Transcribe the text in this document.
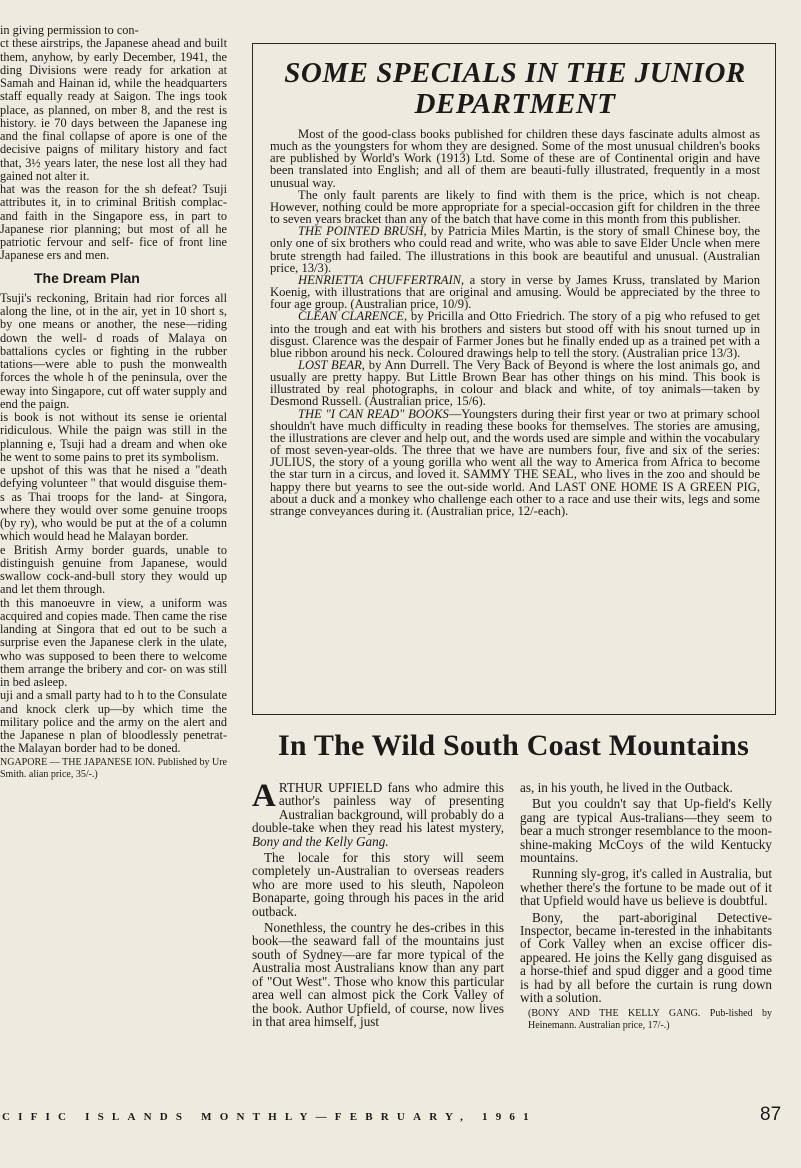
in giving permission to con-

ct these airstrips, the Japanese ahead and built them, anyhow, by early December, 1941, the ding Divisions were ready for arkation at Samah and Hainan id, while the headquarters staff equally ready at Saigon. The ings took place, as planned, on mber 8, and the rest is history. ie 70 days between the Japanese ing and the final collapse of apore is one of the decisive paigns of military history and fact that, 3½ years later, the nese lost all they had gained not alter it.

hat was the reason for the sh defeat? Tsuji attributes it, in to criminal British complac- and faith in the Singapore ess, in part to Japanese rior planning; but most of all he patriotic fervour and self- fice of front line Japanese ers and men.

The Dream Plan

Tsuji's reckoning, Britain had rior forces all along the line, ot in the air, yet in 10 short s, by one means or another, the nese—riding down the well- d roads of Malaya on battalions cycles or fighting in the rubber tations—were able to push the monwealth forces the whole h of the peninsula, over the eway into Singapore, cut off water supply and end the paign.

is book is not without its sense ie oriental ridiculous. While the paign was still in the planning e, Tsuji had a dream and when oke he went to some pains to pret its symbolism.

e upshot of this was that he nised a "death defying volunteer " that would disguise them- s as Thai troops for the land- at Singora, where they would over some genuine troops (by ry), who would be put at the of a column which would head he Malayan border.

e British Army border guards, unable to distinguish genuine from Japanese, would swallow cock-and-bull story they would up and let them through.

th this manoeuvre in view, a uniform was acquired and copies made. Then came the rise landing at Singora that ed out to be such a surprise even the Japanese clerk in the ulate, who was supposed to been there to welcome them arrange the bribery and cor- on was still in bed asleep.

uji and a small party had to h to the Consulate and knock clerk up—by which time the military police and the army on the alert and the Japanese n plan of bloodlessly penetrat- the Malayan border had to be doned.

NGAPORE — THE JAPANESE ION. Published by Ure Smith. alian price, 35/-.)

SOME SPECIALS IN THE JUNIOR DEPARTMENT

Most of the good-class books published for children these days fascinate adults almost as much as the youngsters for whom they are designed. Some of the most unusual children's books are published by World's Work (1913) Ltd. Some of these are of Continental origin and have been translated into English; and all of them are beauti-fully illustrated, frequently in a most unusual way.

The only fault parents are likely to find with them is the price, which is not cheap. However, nothing could be more appropriate for a special-occasion gift for children in the three to seven years bracket than any of the batch that have come in this month from this publisher.

THE POINTED BRUSH, by Patricia Miles Martin, is the story of small Chinese boy, the only one of six brothers who could read and write, who was able to save Elder Uncle when mere brute strength had failed. The illustrations in this book are beautiful and unusual. (Australian price, 13/3).

HENRIETTA CHUFFERTRAIN, a story in verse by James Kruss, translated by Marion Koenig, with illustrations that are original and amusing. Would be appreciated by the three to four age group. (Australian price, 10/9).

CLEAN CLARENCE, by Pricilla and Otto Friedrich. The story of a pig who refused to get into the trough and eat with his brothers and sisters but stood off with his snout turned up in disgust. Clarence was the despair of Farmer Jones but he finally ended up as a trained pet with a blue ribbon around his neck. Coloured drawings help to tell the story. (Australian price 13/3).

LOST BEAR, by Ann Durrell. The Very Back of Beyond is where the lost animals go, and usually are pretty happy. But Little Brown Bear has other things on his mind. This book is illustrated by real photographs, in colour and black and white, of toy animals—taken by Desmond Russell. (Australian price, 15/6).

THE "I CAN READ" BOOKS—Youngsters during their first year or two at primary school shouldn't have much difficulty in reading these books for themselves. The stories are amusing, the illustrations are clever and help out, and the words used are simple and within the vocabulary of most seven-year-olds. The three that we have are numbers four, five and six of the series: JULIUS, the story of a young gorilla who went all the way to America from Africa to become the star turn in a circus, and loved it. SAMMY THE SEAL, who lives in the zoo and should be happy there but yearns to see the out-side world. And LAST ONE HOME IS A GREEN PIG, about a duck and a monkey who challenge each other to a race and use their wits, legs and some strange conveyances during it. (Australian price, 12/-each).

In The Wild South Coast Mountains

ARTHUR UPFIELD fans who admire this author's painless way of presenting Australian background, will probably do a double-take when they read his latest mystery, Bony and the Kelly Gang.

The locale for this story will seem completely un-Australian to overseas readers who are more used to his sleuth, Napoleon Bonaparte, going through his paces in the arid outback.

Nonethless, the country he des-cribes in this book—the seaward fall of the mountains just south of Sydney—are far more typical of the Australia most Australians know than any part of "Out West". Those who know this particular area well can almost pick the Cork Valley of the book. Author Upfield, of course, now lives in that area himself, just

as, in his youth, he lived in the Outback.

But you couldn't say that Up-field's Kelly gang are typical Aus-tralians—they seem to bear a much stronger resemblance to the moon-shine-making McCoys of the wild Kentucky mountains.

Running sly-grog, it's called in Australia, but whether there's the fortune to be made out of it that Upfield would have us believe is doubtful.

Bony, the part-aboriginal Detective-Inspector, became in-terested in the inhabitants of Cork Valley when an excise officer dis-appeared. He joins the Kelly gang disguised as a horse-thief and spud digger and a good time is had by all before the curtain is rung down with a solution.

(BONY AND THE KELLY GANG. Pub-lished by Heinemann. Australian price, 17/-.)

CIFIC ISLANDS MONTHLY—FEBRUARY, 1961	87
